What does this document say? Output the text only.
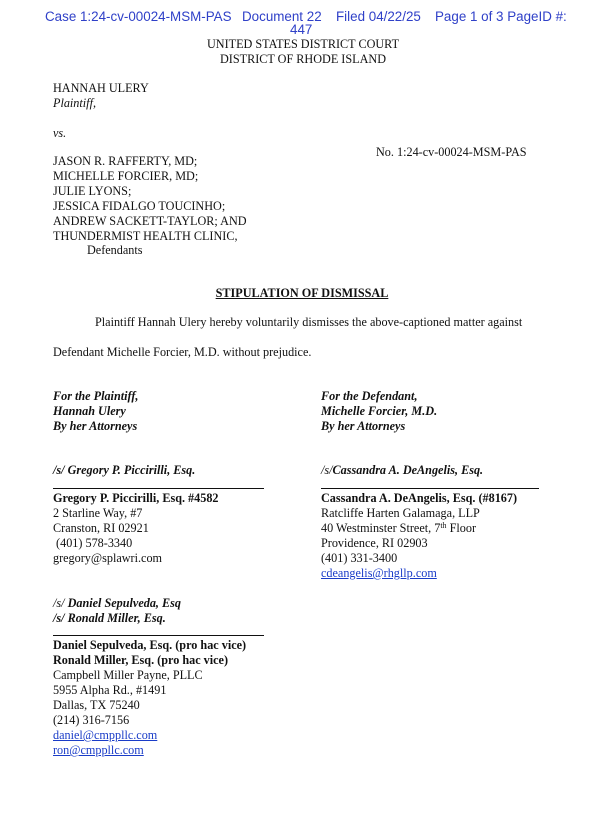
Case 1:24-cv-00024-MSM-PAS Document 22 Filed 04/22/25 Page 1 of 3 PageID #:
447
UNITED STATES DISTRICT COURT
DISTRICT OF RHODE ISLAND
HANNAH ULERY
Plaintiff,
vs.
No. 1:24-cv-00024-MSM-PAS
JASON R. RAFFERTY, MD;
MICHELLE FORCIER, MD;
JULIE LYONS;
JESSICA FIDALGO TOUCINHO;
ANDREW SACKETT-TAYLOR; AND
THUNDERMIST HEALTH CLINIC,
Defendants
STIPULATION OF DISMISSAL
Plaintiff Hannah Ulery hereby voluntarily dismisses the above-captioned matter against
Defendant Michelle Forcier, M.D. without prejudice.
For the Plaintiff,
Hannah Ulery
By her Attorneys
/s/ Gregory P. Piccirilli, Esq.
Gregory P. Piccirilli, Esq. #4582
2 Starline Way, #7
Cranston, RI 02921
(401) 578-3340
gregory@splawri.com
/s/ Daniel Sepulveda, Esq
/s/ Ronald Miller, Esq.
Daniel Sepulveda, Esq. (pro hac vice)
Ronald Miller, Esq. (pro hac vice)
Campbell Miller Payne, PLLC
5955 Alpha Rd., #1491
Dallas, TX 75240
(214) 316-7156
daniel@cmppllc.com
ron@cmppllc.com
For the Defendant,
Michelle Forcier, M.D.
By her Attorneys
/s/Cassandra A. DeAngelis, Esq.
Cassandra A. DeAngelis, Esq. (#8167)
Ratcliffe Harten Galamaga, LLP
40 Westminster Street, 7th Floor
Providence, RI 02903
(401) 331-3400
cdeangelis@rhgllp.com
